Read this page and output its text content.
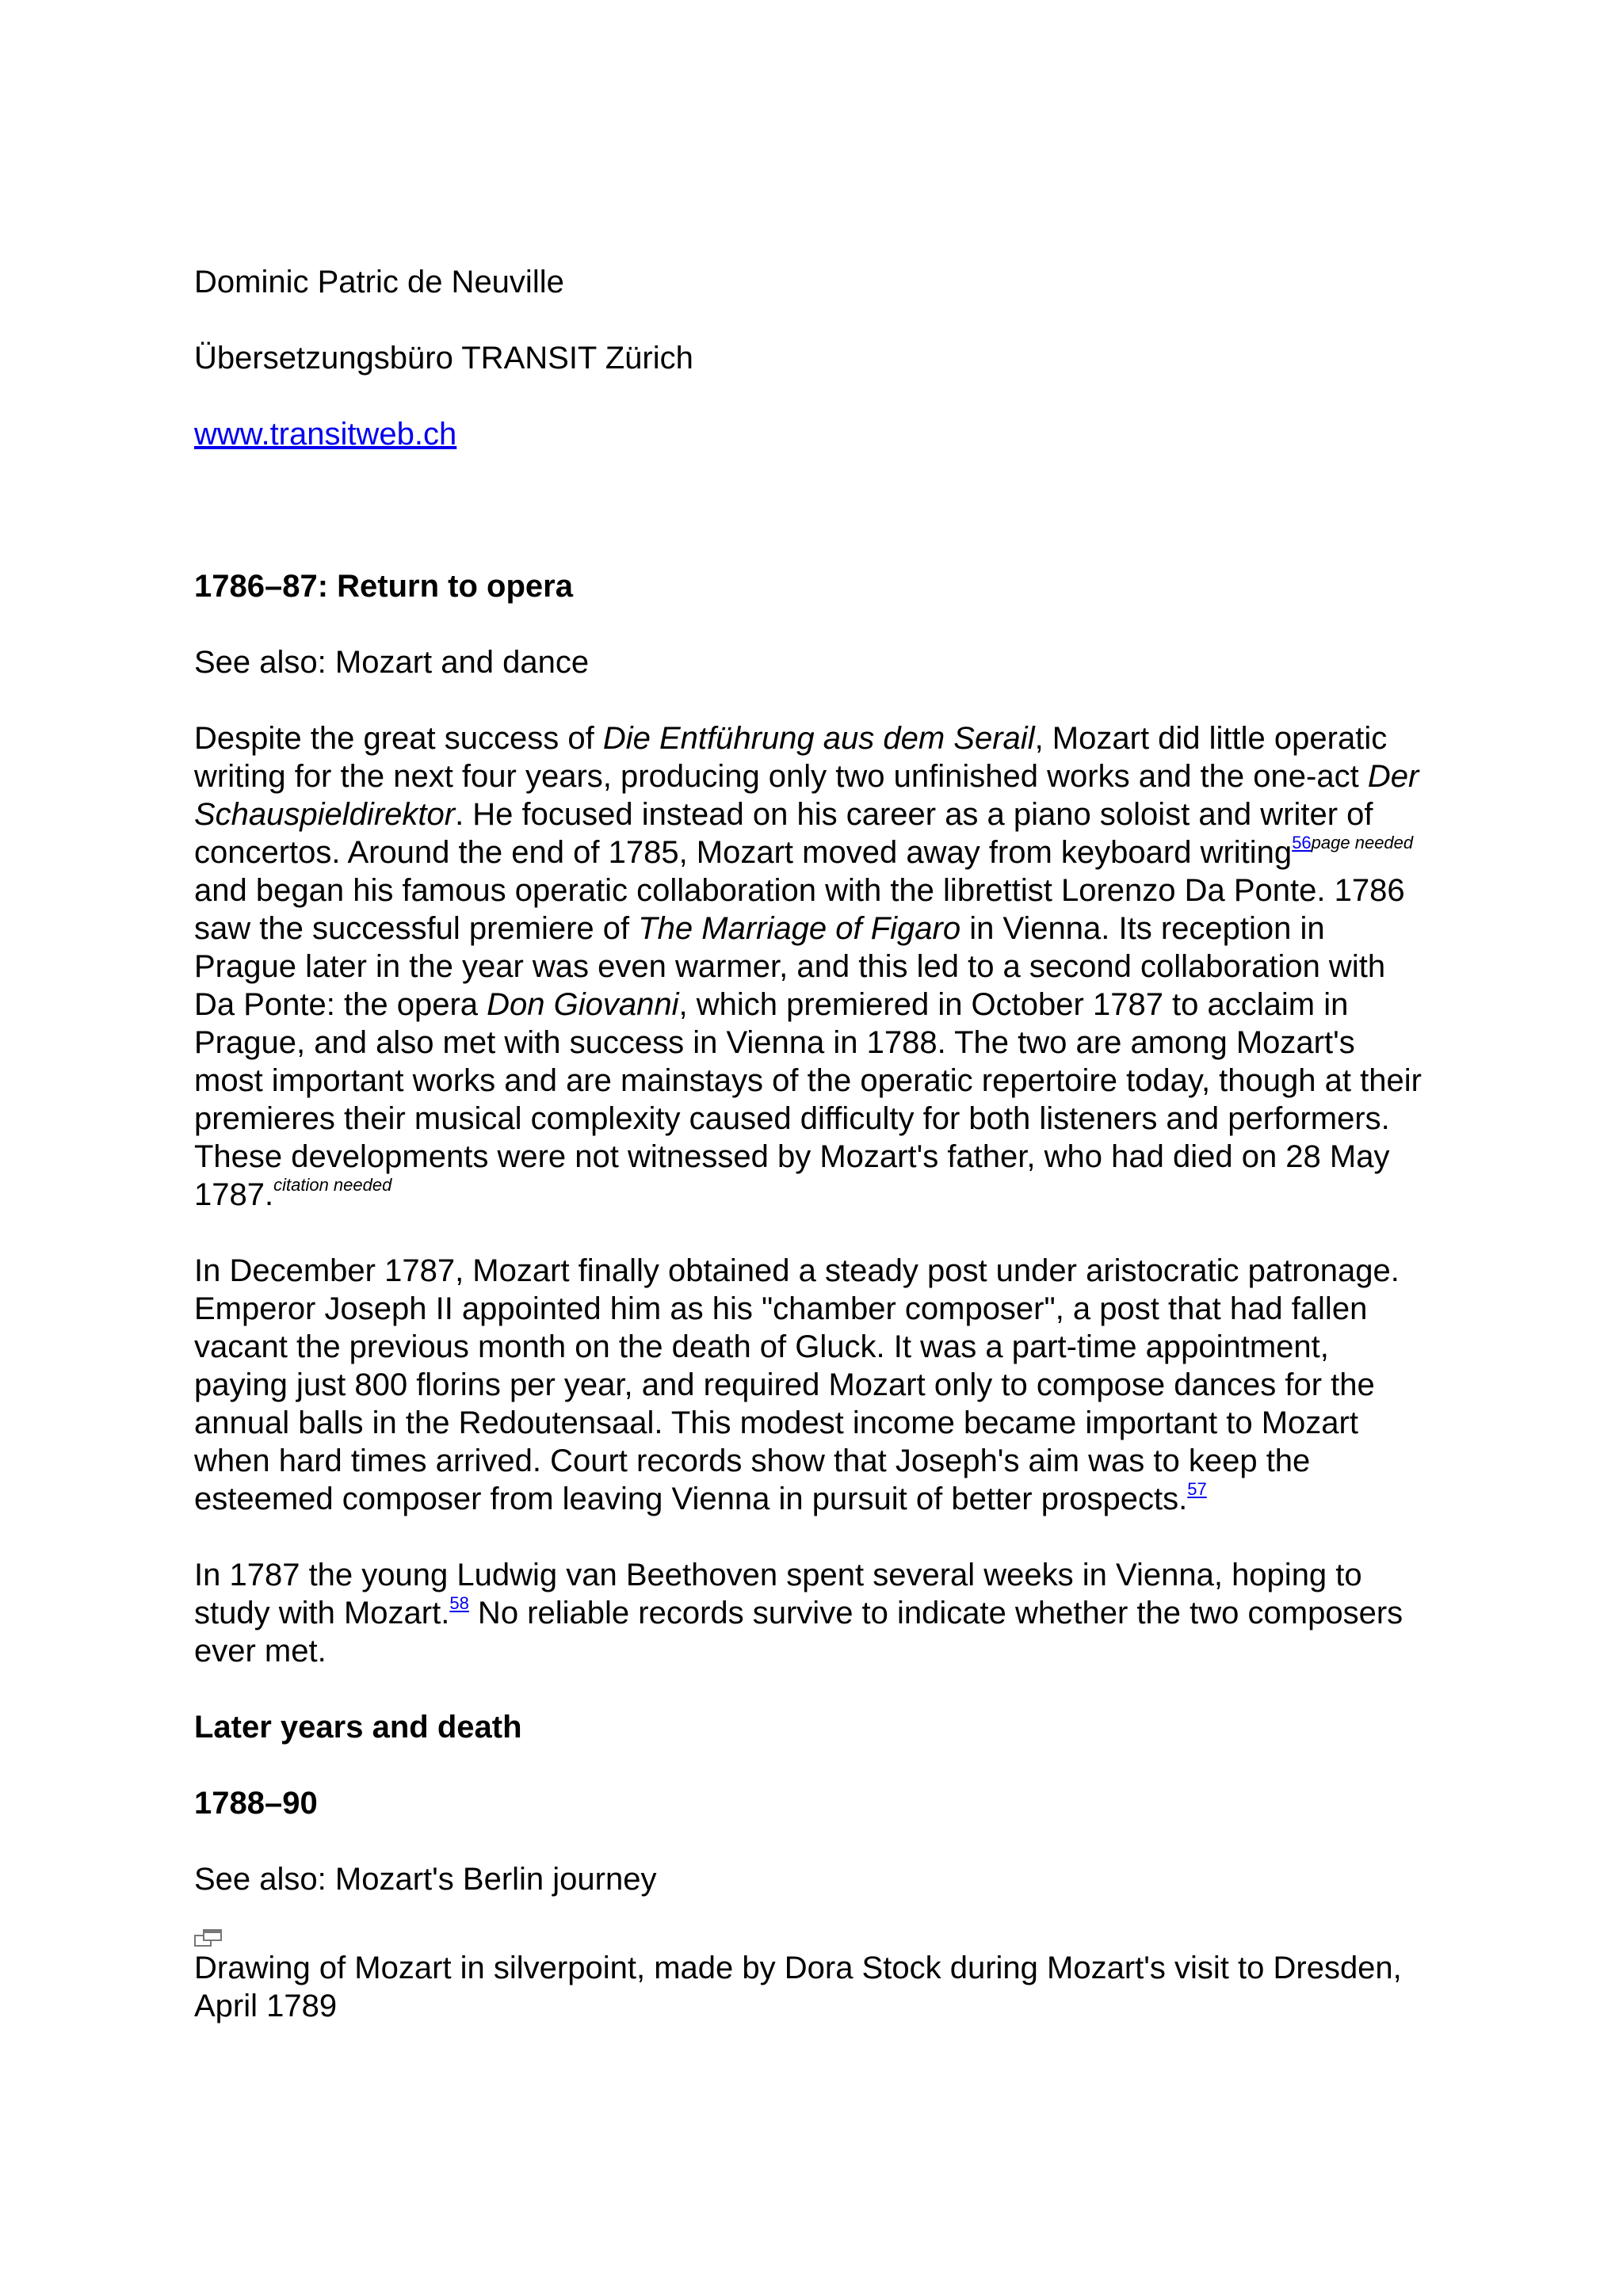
Dominic Patric de Neuville

Übersetzungsbüro TRANSIT Zürich

www.transitweb.ch

1786–87: Return to opera

See also: Mozart and dance

Despite the great success of Die Entführung aus dem Serail, Mozart did little operatic writing for the next four years, producing only two unfinished works and the one-act Der Schauspieldirektor. He focused instead on his career as a piano soloist and writer of concertos. Around the end of 1785, Mozart moved away from keyboard writing$^{56page needed}$ and began his famous operatic collaboration with the librettist Lorenzo Da Ponte. 1786 saw the successful premiere of The Marriage of Figaro in Vienna. Its reception in Prague later in the year was even warmer, and this led to a second collaboration with Da Ponte: the opera Don Giovanni, which premiered in October 1787 to acclaim in Prague, and also met with success in Vienna in 1788. The two are among Mozart's most important works and are mainstays of the operatic repertoire today, though at their premieres their musical complexity caused difficulty for both listeners and performers. These developments were not witnessed by Mozart's father, who had died on 28 May 1787.$^{citation needed}$

In December 1787, Mozart finally obtained a steady post under aristocratic patronage. Emperor Joseph II appointed him as his "chamber composer", a post that had fallen vacant the previous month on the death of Gluck. It was a part-time appointment, paying just 800 florins per year, and required Mozart only to compose dances for the annual balls in the Redoutensaal. This modest income became important to Mozart when hard times arrived. Court records show that Joseph's aim was to keep the esteemed composer from leaving Vienna in pursuit of better prospects.$^{57}$

In 1787 the young Ludwig van Beethoven spent several weeks in Vienna, hoping to study with Mozart.$^{58}$ No reliable records survive to indicate whether the two composers ever met.

Later years and death

1788–90

See also: Mozart's Berlin journey

Drawing of Mozart in silverpoint, made by Dora Stock during Mozart's visit to Dresden, April 1789
